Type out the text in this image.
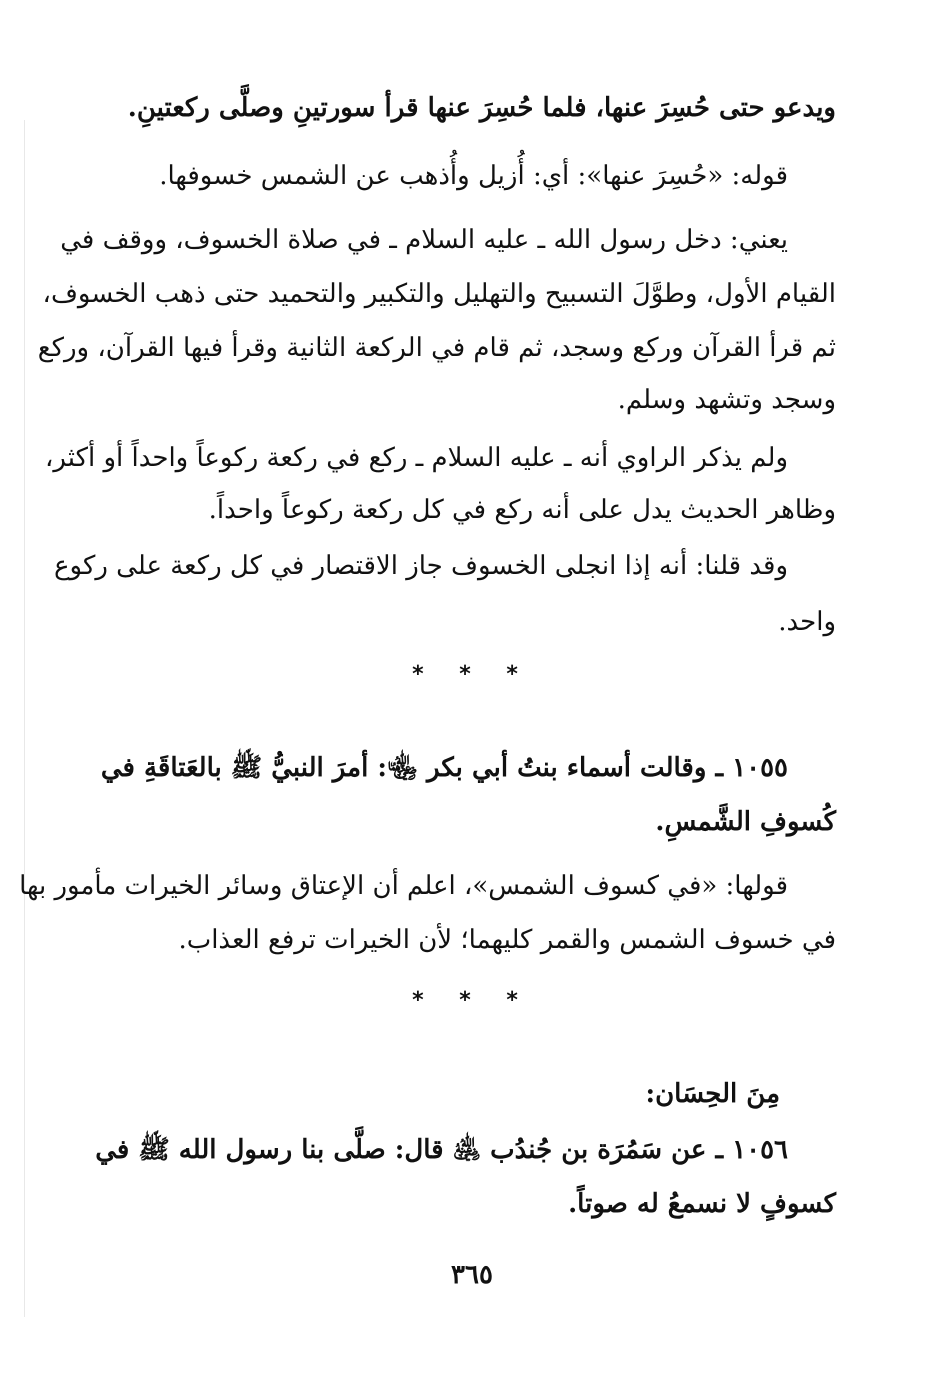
ويدعو حتى حُسِرَ عنها، فلما حُسِرَ عنها قرأ سورتينِ وصلَّى ركعتينِ.
قوله: «حُسِرَ عنها»: أي: أُزيل وأُذهب عن الشمس خسوفها.
يعني: دخل رسول الله ـ عليه السلام ـ في صلاة الخسوف، ووقف في
القيام الأول، وطوَّلَ التسبيح والتهليل والتكبير والتحميد حتى ذهب الخسوف،
ثم قرأ القرآن وركع وسجد، ثم قام في الركعة الثانية وقرأ فيها القرآن، وركع
وسجد وتشهد وسلم.
ولم يذكر الراوي أنه ـ عليه السلام ـ ركع في ركعة ركوعاً واحداً أو أكثر،
وظاهر الحديث يدل على أنه ركع في كل ركعة ركوعاً واحداً.
وقد قلنا: أنه إذا انجلى الخسوف جاز الاقتصار في كل ركعة على ركوع
واحد.
* * *
١٠٥٥ ـ وقالت أسماء بنتُ أبي بكر ﵄: أمرَ النبيُّ ﷺ بالعَتاقَةِ في
كُسوفِ الشَّمسِ.
قولها: «في كسوف الشمس»، اعلم أن الإعتاق وسائر الخيرات مأمور بها
في خسوف الشمس والقمر كليهما؛ لأن الخيرات ترفع العذاب.
* * *
مِنَ الحِسَان:
١٠٥٦ ـ عن سَمُرَة بن جُندُب ﵁ قال: صلَّى بنا رسول الله ﷺ في
كسوفٍ لا نسمعُ له صوتاً.
٣٦٥
